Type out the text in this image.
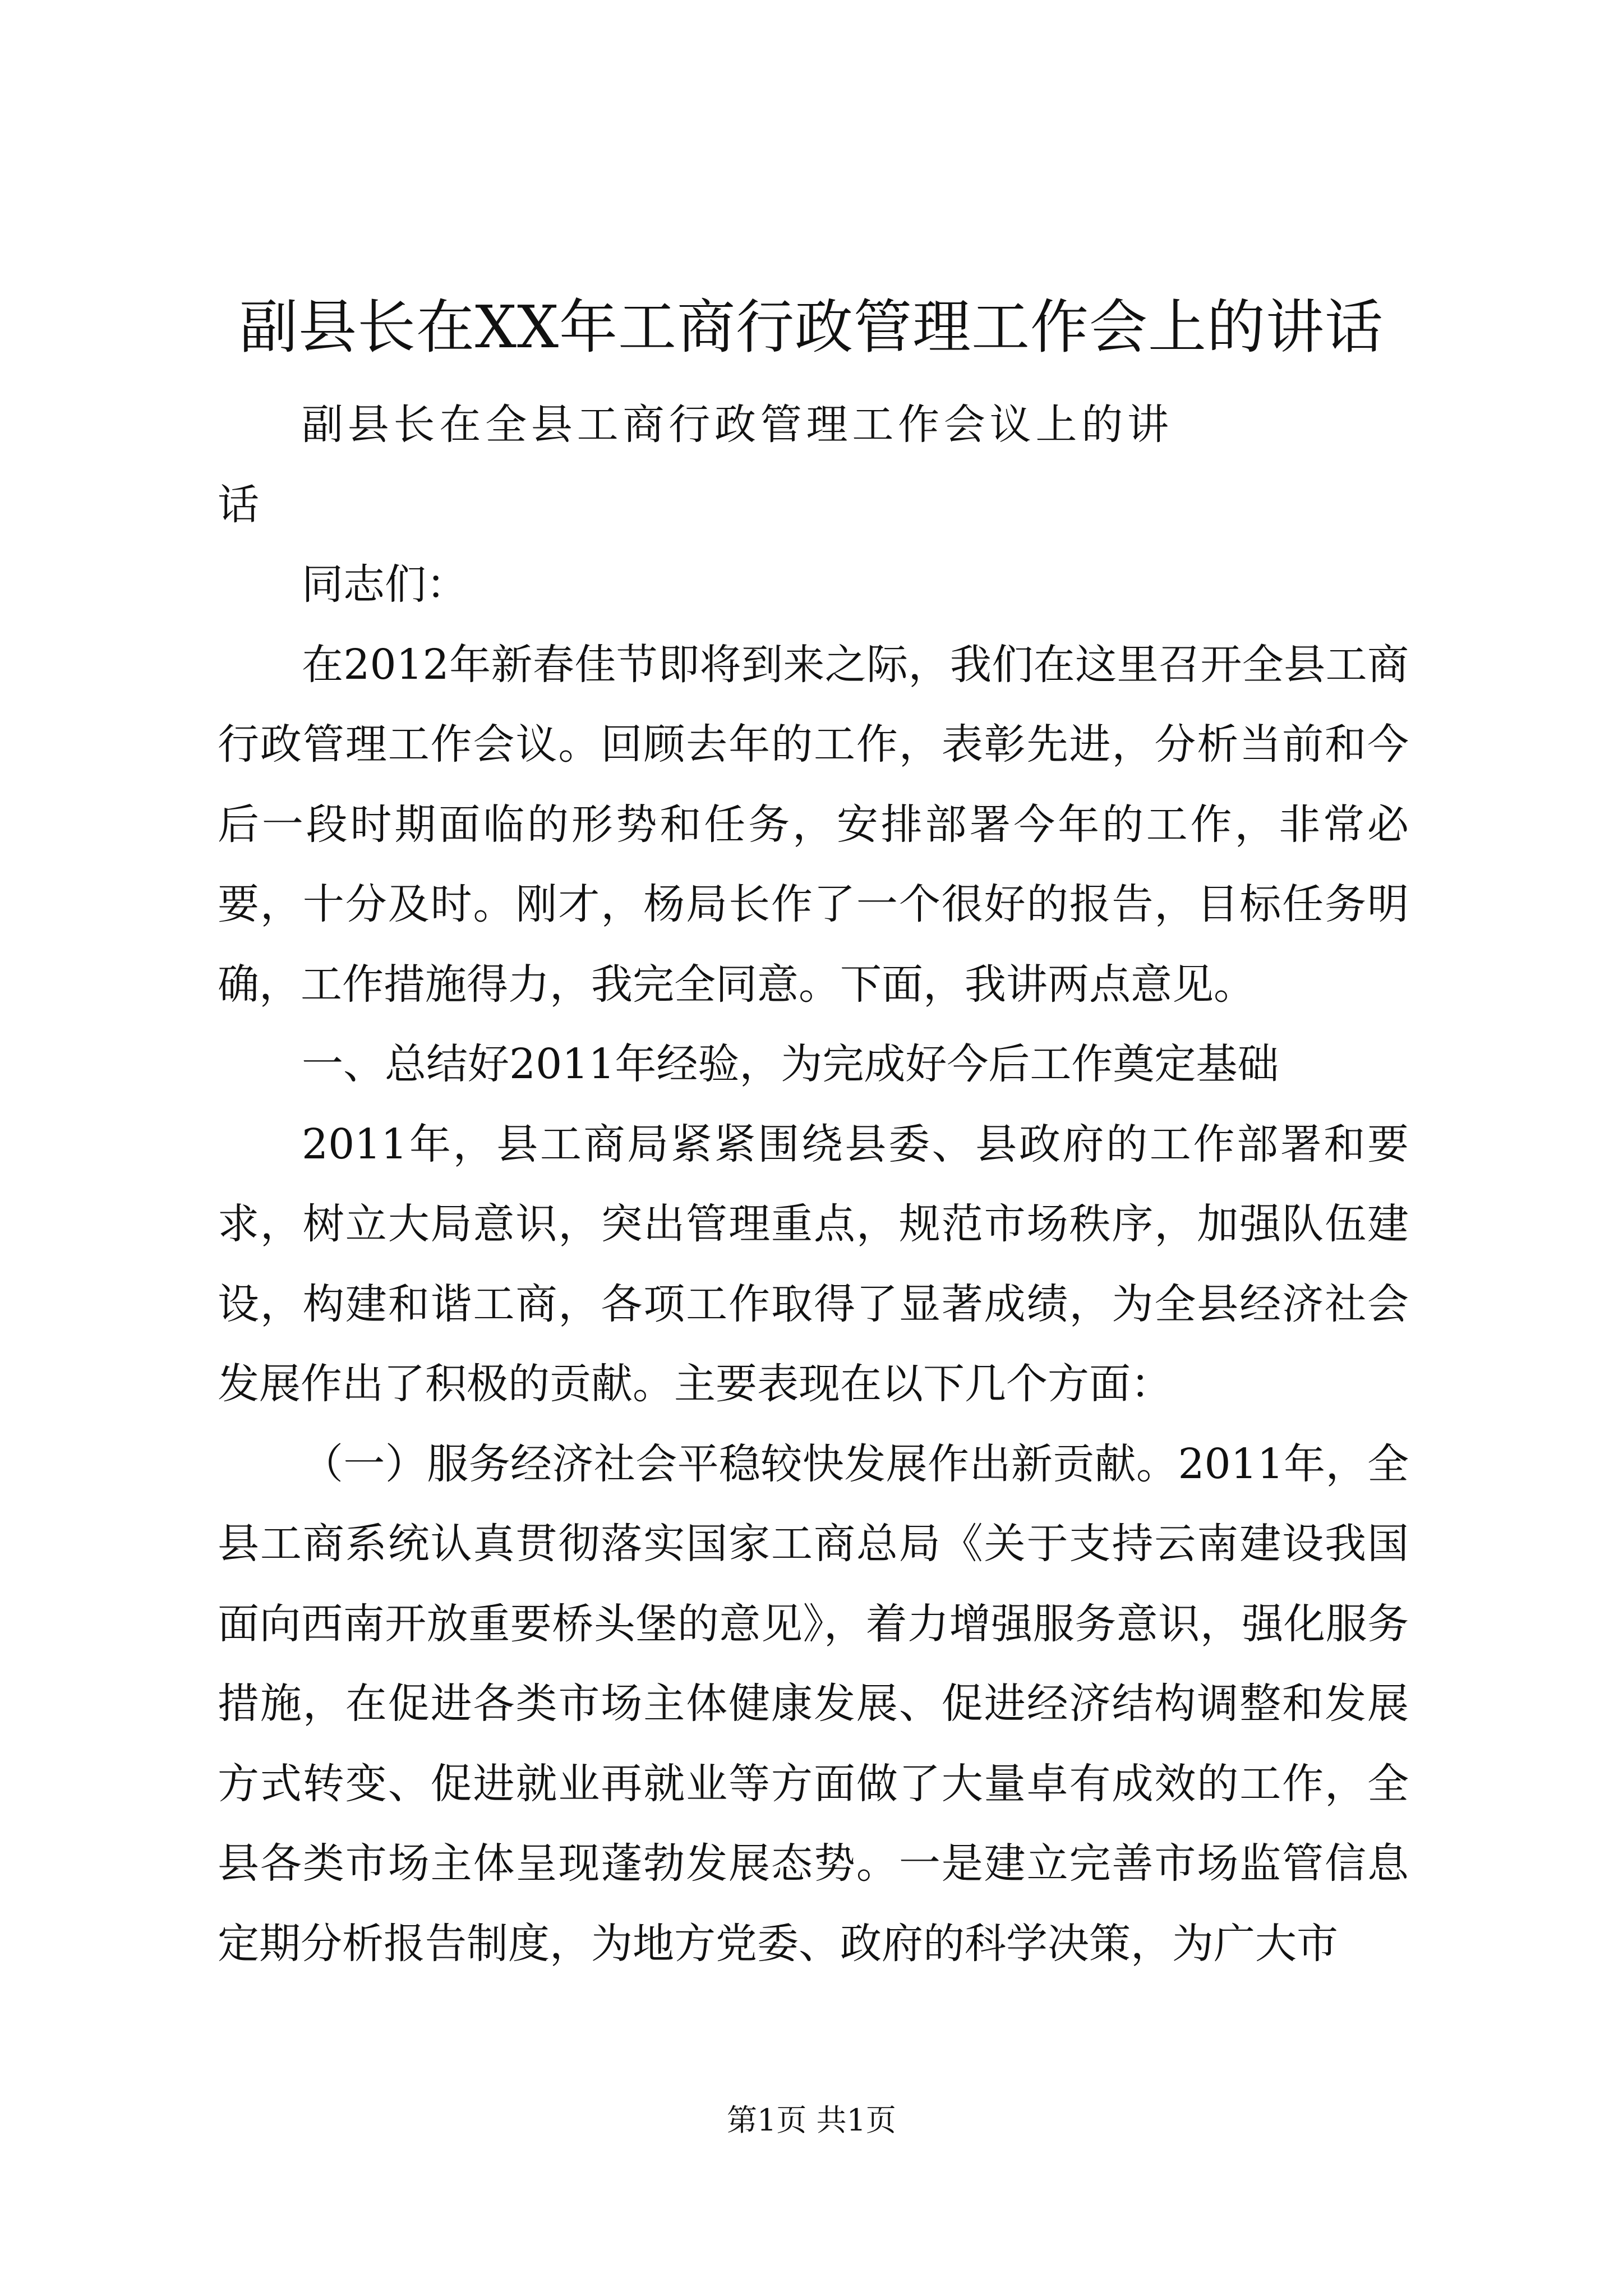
副县长在XX年工商行政管理工作会上的讲话

副县长在全县工商行政管理工作会议上的讲话

同志们：

在2012年新春佳节即将到来之际，我们在这里召开全县工商行政管理工作会议。回顾去年的工作，表彰先进，分析当前和今后一段时期面临的形势和任务，安排部署今年的工作，非常必要，十分及时。刚才，杨局长作了一个很好的报告，目标任务明确，工作措施得力，我完全同意。下面，我讲两点意见。

一、总结好2011年经验，为完成好今后工作奠定基础

2011年，县工商局紧紧围绕县委、县政府的工作部署和要求，树立大局意识，突出管理重点，规范市场秩序，加强队伍建设，构建和谐工商，各项工作取得了显著成绩，为全县经济社会发展作出了积极的贡献。主要表现在以下几个方面：

（一）服务经济社会平稳较快发展作出新贡献。2011年，全县工商系统认真贯彻落实国家工商总局《关于支持云南建设我国面向西南开放重要桥头堡的意见》，着力增强服务意识，强化服务措施，在促进各类市场主体健康发展、促进经济结构调整和发展方式转变、促进就业再就业等方面做了大量卓有成效的工作，全县各类市场主体呈现蓬勃发展态势。一是建立完善市场监管信息定期分析报告制度，为地方党委、政府的科学决策，为广大市

第1页 共1页
